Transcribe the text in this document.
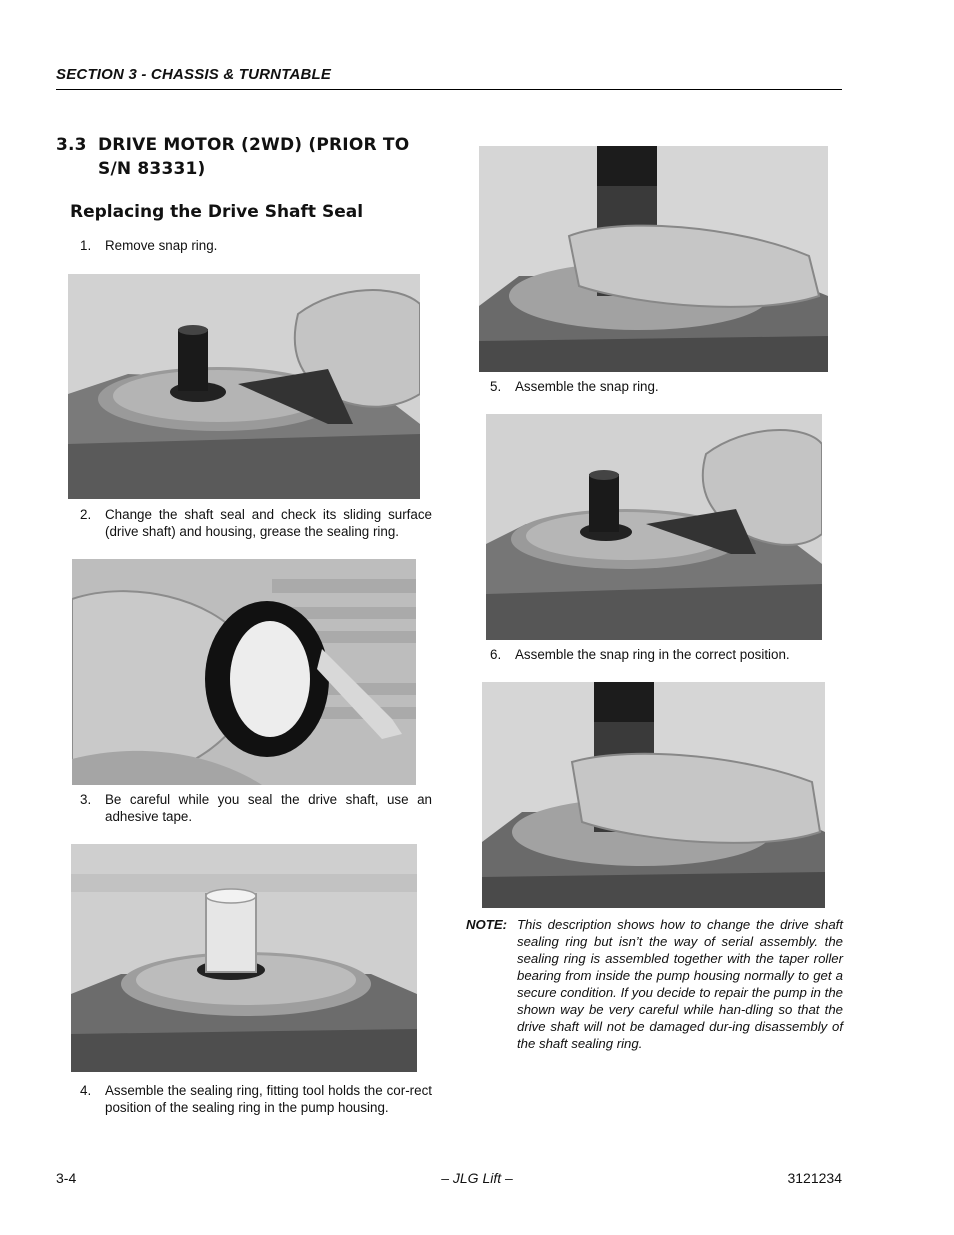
SECTION 3 - CHASSIS & TURNTABLE
3.3 DRIVE MOTOR (2WD) (PRIOR TO S/N 83331)
Replacing the Drive Shaft Seal
1. Remove snap ring.
2. Change the shaft seal and check its sliding surface (drive shaft) and housing, grease the sealing ring.
3. Be careful while you seal the drive shaft, use an adhesive tape.
4. Assemble the sealing ring, fitting tool holds the cor-rect position of the sealing ring in the pump housing.
5. Assemble the snap ring.
6. Assemble the snap ring in the correct position.
NOTE: This description shows how to change the drive shaft sealing ring but isn’t the way of serial assembly. the sealing ring is assembled together with the taper roller bearing from inside the pump housing normally to get a secure condition. If you decide to repair the pump in the shown way be very careful while han-dling so that the drive shaft will not be damaged dur-ing disassembly of the shaft sealing ring.
3-4	– JLG Lift –	3121234
